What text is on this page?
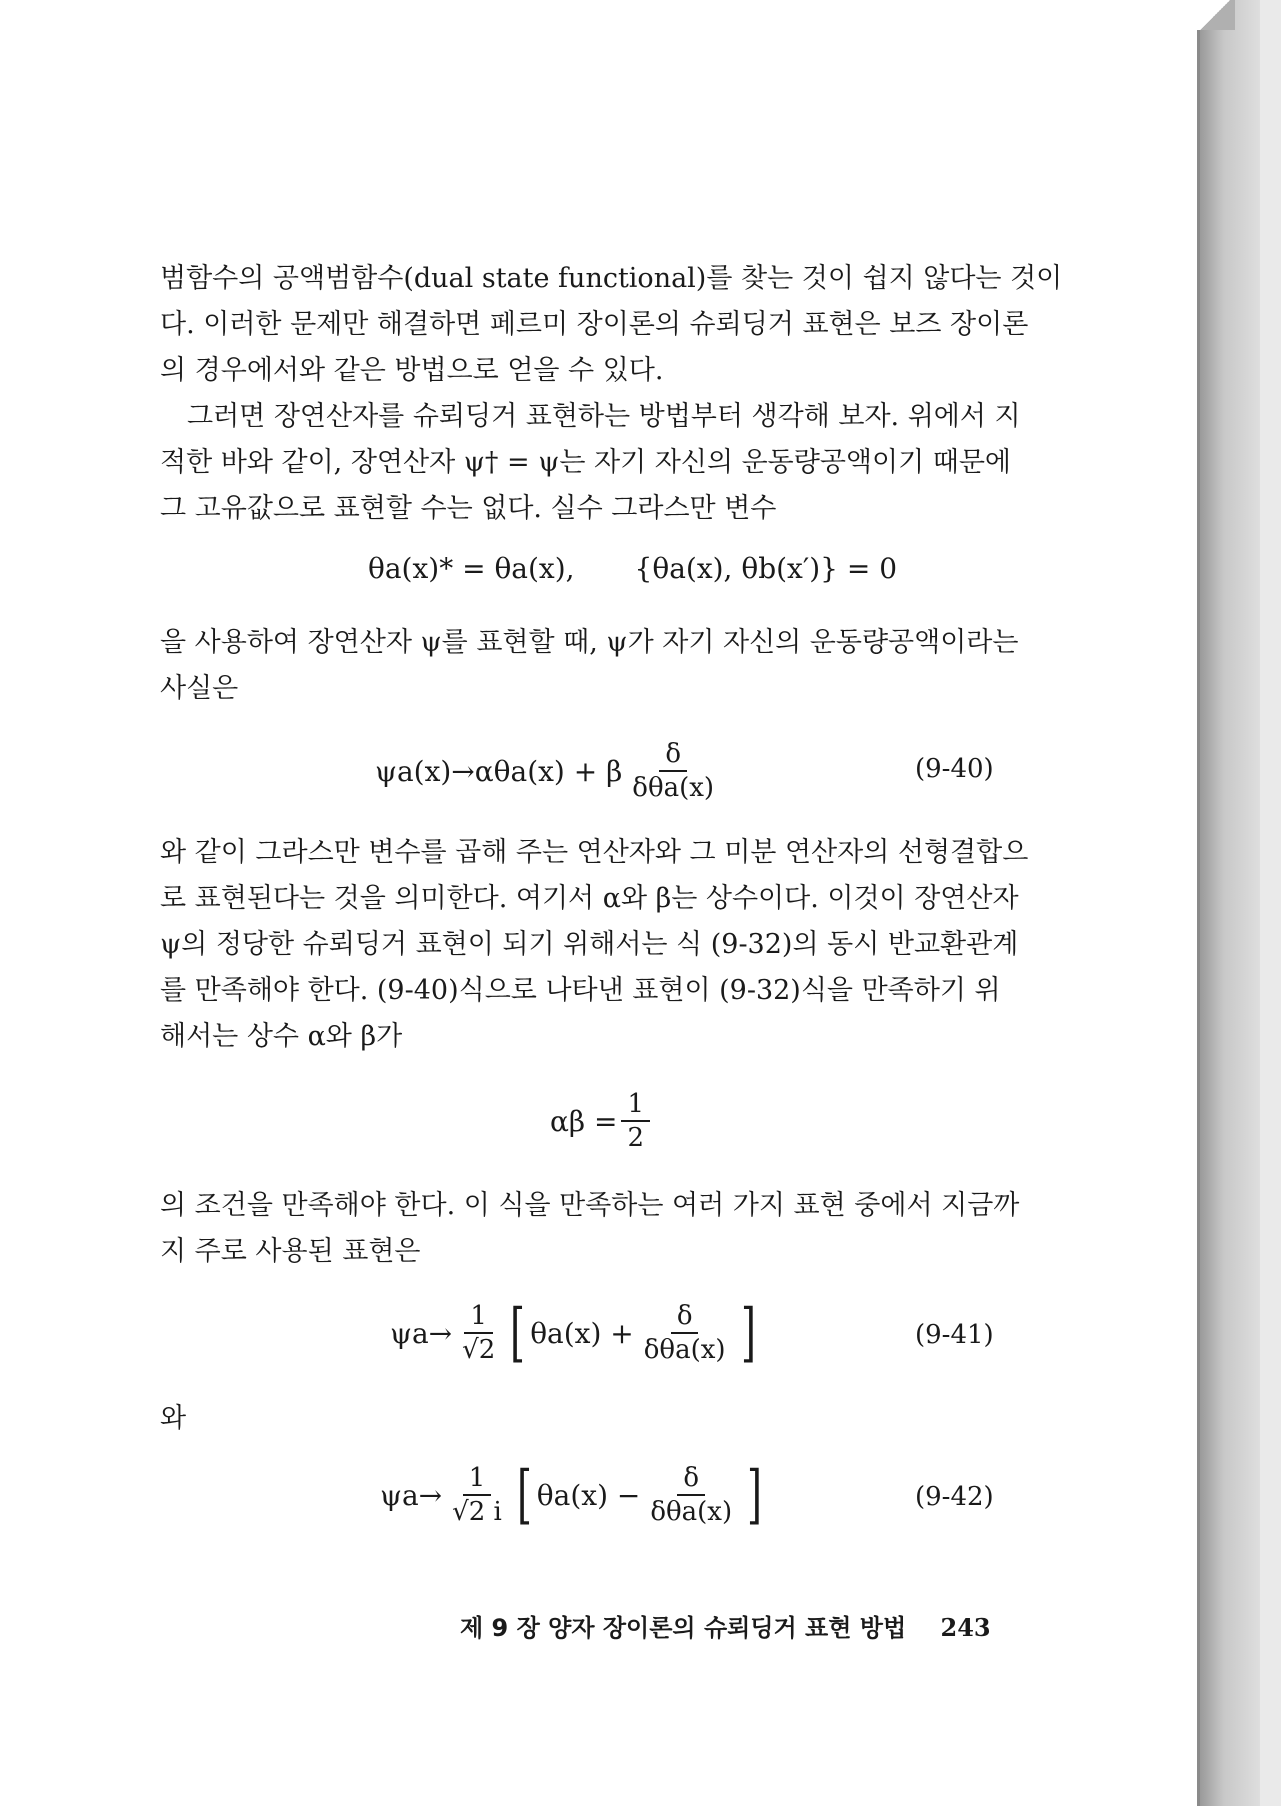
범함수의 공액범함수(dual state functional)를 찾는 것이 쉽지 않다는 것이
다. 이러한 문제만 해결하면 페르미 장이론의 슈뢰딩거 표현은 보즈 장이론
의 경우에서와 같은 방법으로 얻을 수 있다.
그러면 장연산자를 슈뢰딩거 표현하는 방법부터 생각해 보자. 위에서 지
적한 바와 같이, 장연산자 ψ† = ψ는 자기 자신의 운동량공액이기 때문에
그 고유값으로 표현할 수는 없다. 실수 그라스만 변수
θa(x)* = θa(x), {θa(x), θb(x′)} = 0
을 사용하여 장연산자 ψ를 표현할 때, ψ가 자기 자신의 운동량공액이라는
사실은
ψa(x)→αθa(x) + β $\frac{\delta}{\text{δθa(x)}}$	(9-40)
와 같이 그라스만 변수를 곱해 주는 연산자와 그 미분 연산자의 선형결합으
로 표현된다는 것을 의미한다. 여기서 α와 β는 상수이다. 이것이 장연산자
ψ의 정당한 슈뢰딩거 표현이 되기 위해서는 식 (9-32)의 동시 반교환관계
를 만족해야 한다. (9-40)식으로 나타낸 표현이 (9-32)식을 만족하기 위
해서는 상수 α와 β가
$\alpha\beta = \frac{1}{2}$
의 조건을 만족해야 한다. 이 식을 만족하는 여러 가지 표현 중에서 지금까
지 주로 사용된 표현은
$\psi a\to \frac{1}{√2}$ [ $\theta a(x) + \frac{\delta}{\text{δθa(x)}}$ ]	(9-41)
와
$\psi a\to \frac{1}{√2 i}$ [ $\theta a(x) - \frac{\delta}{\text{δθa(x)}}$ ]	(9-42)
제 9 장 양자 장이론의 슈뢰딩거 표현 방법 243
